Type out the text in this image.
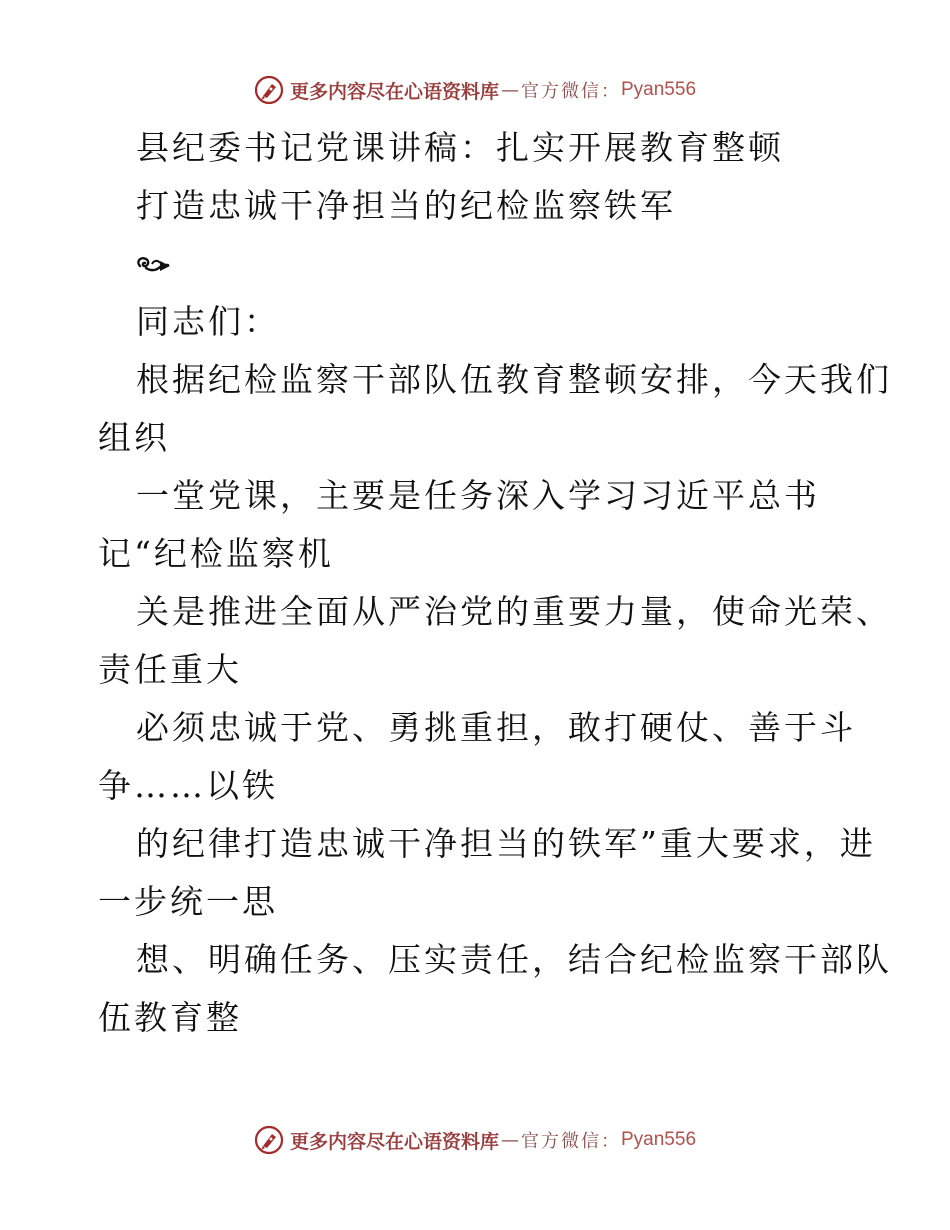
更多内容尽在心语资料库 — 官方微信： Pyan556

县纪委书记党课讲稿：扎实开展教育整顿

打造忠诚干净担当的纪检监察铁军

同志们：

根据纪检监察干部队伍教育整顿安排，今天我们

组织

一堂党课，主要是任务深入学习习近平总书

记“纪检监察机

关是推进全面从严治党的重要力量，使命光荣、

责任重大

必须忠诚于党、勇挑重担，敢打硬仗、善于斗

争……以铁

的纪律打造忠诚干净担当的铁军”重大要求，进

一步统一思

想、明确任务、压实责任，结合纪检监察干部队

伍教育整

更多内容尽在心语资料库 — 官方微信： Pyan556
